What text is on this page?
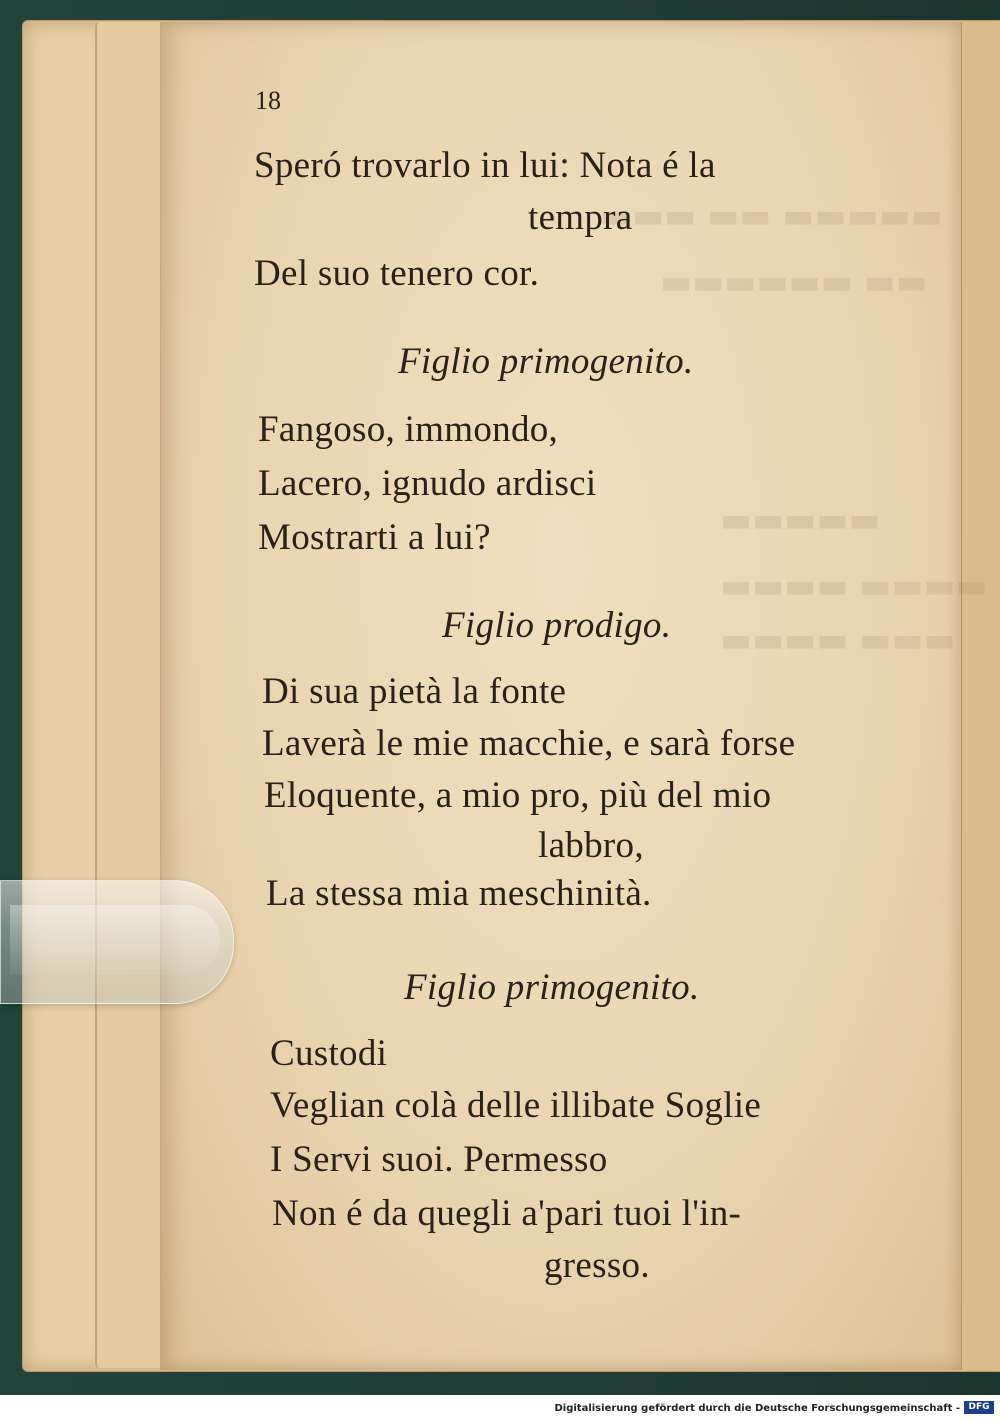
▬▬▬ ▬▬ ▬▬▬▬▬
▬▬▬▬▬▬ ▬▬
▬▬▬▬▬
▬▬▬▬ ▬▬▬▬
▬▬▬▬ ▬▬▬
18
Speró trovarlo in lui: Nota é la
tempra
Del suo tenero cor.
Figlio primogenito.
Fangoso, immondo,
Lacero, ignudo ardisci
Mostrarti a lui?
Figlio prodigo.
Di sua pietà la fonte
Laverà le mie macchie, e sarà forse
Eloquente, a mio pro, più del mio
labbro,
La stessa mia meschinità.
Figlio primogenito.
Custodi
Veglian colà delle illibate Soglie
I Servi suoi. Permesso
Non é da quegli a'pari tuoi l'in-
gresso.
Digitalisierung gefördert durch die Deutsche Forschungsgemeinschaft - DFG
